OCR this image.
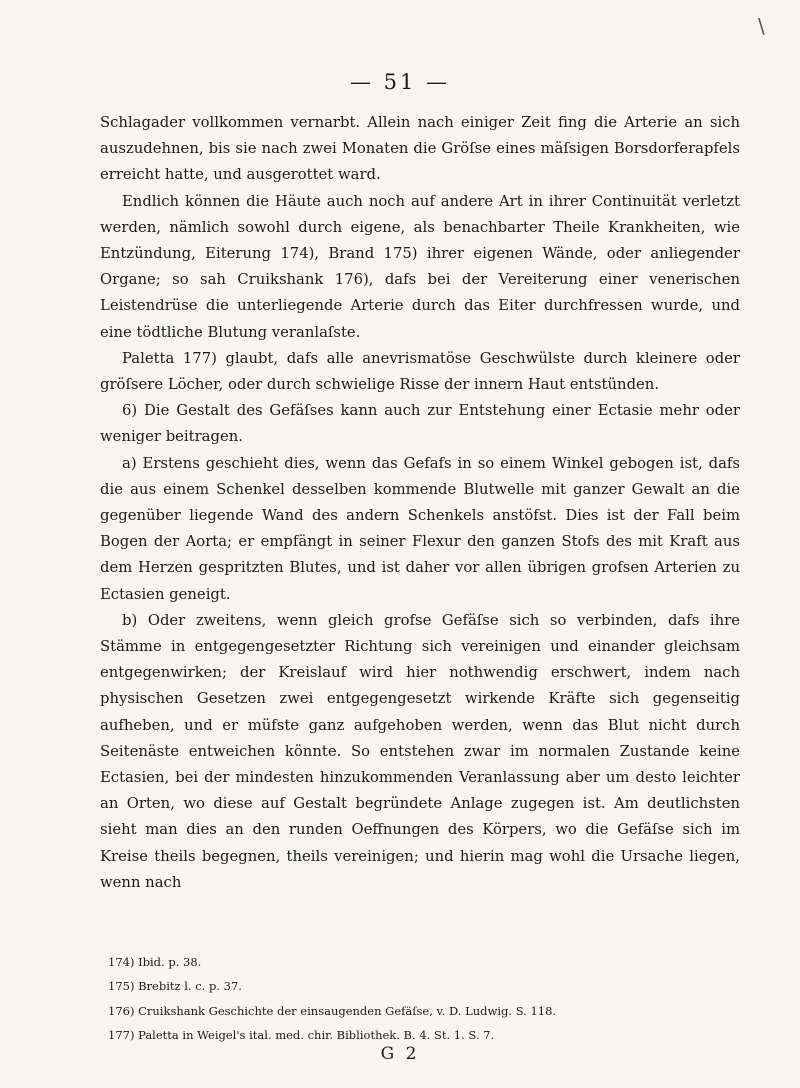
\
— 51 —

Schlagader vollkommen vernarbt. Allein nach einiger Zeit fing die Arterie an sich auszudehnen, bis sie nach zwei Monaten die Gröſse eines mäſsigen Borsdorferapfels erreicht hatte, und ausgerottet ward.

Endlich können die Häute auch noch auf andere Art in ihrer Continuität verletzt werden, nämlich sowohl durch eigene, als benachbarter Theile Krankheiten, wie Entzündung, Eiterung 174), Brand 175) ihrer eigenen Wände, oder anliegender Organe; so sah Cruikshank 176), dafs bei der Vereiterung einer venerischen Leistendrüse die unterliegende Arterie durch das Eiter durchfressen wurde, und eine tödtliche Blutung veranlaſste.

Paletta 177) glaubt, dafs alle anevrismatöse Geschwülste durch kleinere oder gröſsere Löcher, oder durch schwielige Risse der innern Haut entstünden.

6) Die Gestalt des Gefäſses kann auch zur Entstehung einer Ectasie mehr oder weniger beitragen.

a) Erstens geschieht dies, wenn das Gefafs in so einem Winkel gebogen ist, dafs die aus einem Schenkel desselben kommende Blutwelle mit ganzer Gewalt an die gegenüber liegende Wand des andern Schenkels anstöfst. Dies ist der Fall beim Bogen der Aorta; er empfängt in seiner Flexur den ganzen Stofs des mit Kraft aus dem Herzen gespritzten Blutes, und ist daher vor allen übrigen grofsen Arterien zu Ectasien geneigt.

b) Oder zweitens, wenn gleich grofse Gefäſse sich so verbinden, dafs ihre Stämme in entgegengesetzter Richtung sich vereinigen und einander gleichsam entgegenwirken; der Kreislauf wird hier nothwendig erschwert, indem nach physischen Gesetzen zwei entgegengesetzt wirkende Kräfte sich gegenseitig aufheben, und er müfste ganz aufgehoben werden, wenn das Blut nicht durch Seitenäste entweichen könnte. So entstehen zwar im normalen Zustande keine Ectasien, bei der mindesten hinzukommenden Veranlassung aber um desto leichter an Orten, wo diese auf Gestalt begründete Anlage zugegen ist. Am deutlichsten sieht man dies an den runden Oeffnungen des Körpers, wo die Gefäſse sich im Kreise theils begegnen, theils vereinigen; und hierin mag wohl die Ursache liegen, wenn nach

174) Ibid. p. 38.
175) Brebitz l. c. p. 37.
176) Cruikshank Geschichte der einsaugenden Gefäſse, v. D. Ludwig. S. 118.
177) Paletta in Weigel's ital. med. chir. Bibliothek. B. 4. St. 1. S. 7.
G 2
